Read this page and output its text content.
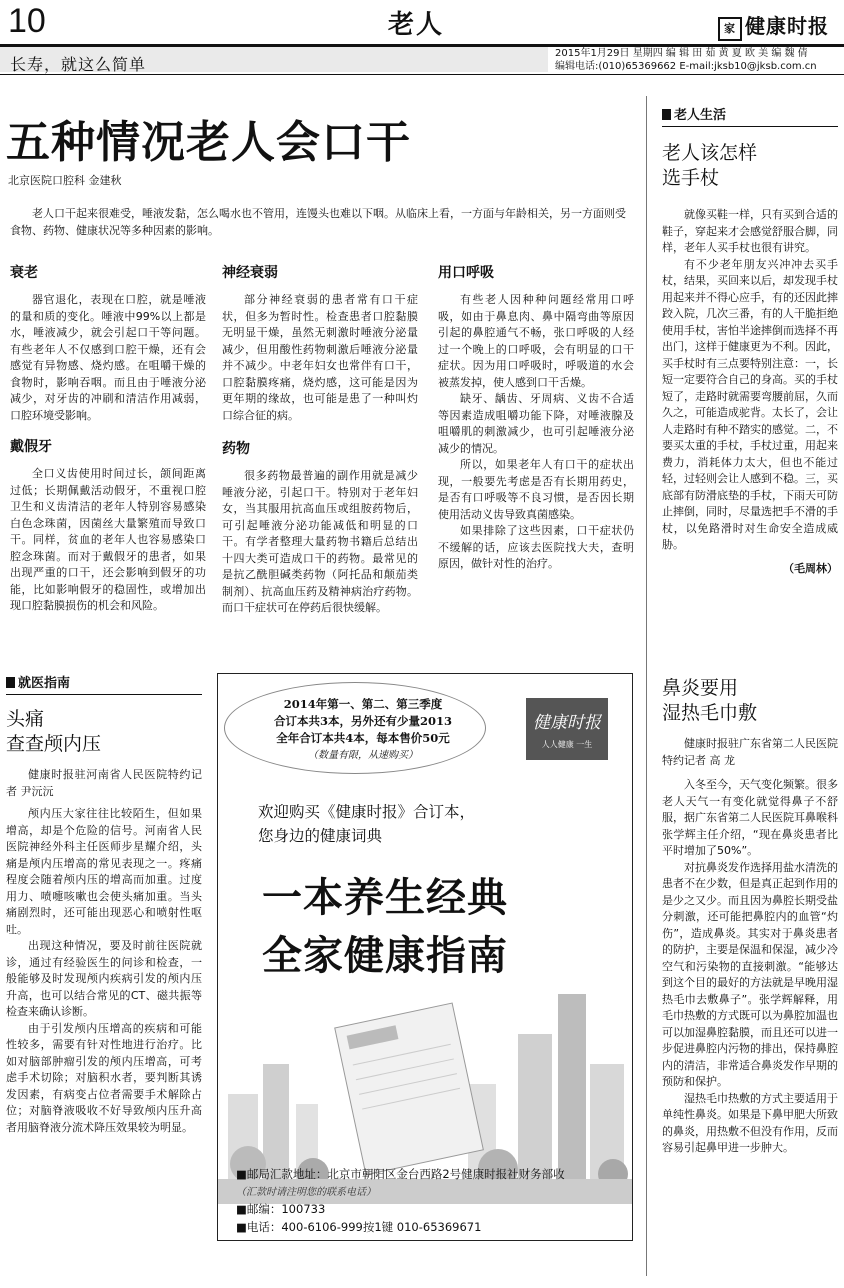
10	老人	家 健康时报
长寿，就这么简单
2015年1月29日 星期四 编 辑 田 茹 黄 夏 欧 美 编 魏 倩
编辑电话:(010)65369662 E-mail:jksb10@jksb.com.cn
五种情况老人会口干
北京医院口腔科 金建秋
老人口干起来很难受，唾液发黏，怎么喝水也不管用，连馒头也难以下咽。从临床上看，一方面与年龄相关，另一方面则受食物、药物、健康状况等多种因素的影响。
衰老
器官退化，表现在口腔，就是唾液的量和质的变化。唾液中99%以上都是水，唾液减少，就会引起口干等问题。有些老年人不仅感到口腔干燥，还有会感觉有异物感、烧灼感。在咀嚼干燥的食物时，影响吞咽。而且由于唾液分泌减少，对牙齿的冲刷和清洁作用减弱，口腔环境受影响。
戴假牙
全口义齿使用时间过长，颌间距离过低；长期佩戴活动假牙，不重视口腔卫生和义齿清洁的老年人特别容易感染白色念珠菌，因菌丝大量繁殖而导致口干。同样，贫血的老年人也容易感染口腔念珠菌。而对于戴假牙的患者，如果出现严重的口干，还会影响到假牙的功能，比如影响假牙的稳固性，或增加出现口腔黏膜损伤的机会和风险。
神经衰弱
部分神经衰弱的患者常有口干症状，但多为暂时性。检查患者口腔黏膜无明显干燥，虽然无刺激时唾液分泌量减少，但用酸性药物刺激后唾液分泌量并不减少。中老年妇女也常伴有口干，口腔黏膜疼痛，烧灼感，这可能是因为更年期的缘故，也可能是患了一种叫灼口综合征的病。
药物
很多药物最普遍的副作用就是减少唾液分泌，引起口干。特别对于老年妇女，当其服用抗高血压或组胺药物后，可引起唾液分泌功能减低和明显的口干。有学者整理大量药物书籍后总结出十四大类可造成口干的药物。最常见的是抗乙酰胆碱类药物（阿托品和颠茄类制剂）、抗高血压药及精神病治疗药物。而口干症状可在停药后很快缓解。
用口呼吸
有些老人因种种问题经常用口呼吸，如由于鼻息肉、鼻中隔弯曲等原因引起的鼻腔通气不畅，张口呼吸的人经过一个晚上的口呼吸，会有明显的口干症状。因为用口呼吸时，呼吸道的水会被蒸发掉，使人感到口干舌燥。
缺牙、龋齿、牙周病、义齿不合适等因素造成咀嚼功能下降，对唾液腺及咀嚼肌的刺激减少，也可引起唾液分泌减少的情况。
所以，如果老年人有口干的症状出现，一般要先考虑是否有长期用药史，是否有口呼吸等不良习惯，是否因长期使用活动义齿导致真菌感染。
如果排除了这些因素，口干症状仍不缓解的话，应该去医院找大夫，查明原因，做针对性的治疗。
老人生活
老人该怎样
选手杖
就像买鞋一样，只有买到合适的鞋子，穿起来才会感觉舒服合脚，同样，老年人买手杖也很有讲究。
有不少老年朋友兴冲冲去买手杖，结果，买回来以后，却发现手杖用起来并不得心应手，有的还因此摔跤入院，几次三番，有的人干脆拒绝使用手杖，害怕半途摔倒而选择不再出门，这样于健康更为不利。因此，买手杖时有三点要特别注意：一，长短一定要符合自己的身高。买的手杖短了，走路时就需要弯腰前屈，久而久之，可能造成驼背。太长了，会让人走路时有种不踏实的感觉。二，不要买太重的手杖，手杖过重，用起来费力，消耗体力太大，但也不能过轻，过轻则会让人感到不稳。三，买底部有防滑底垫的手杖，下雨天可防止摔倒，同时，尽量选把手不滑的手杖，以免路滑时对生命安全造成威胁。
（毛周林）
鼻炎要用
湿热毛巾敷
健康时报驻广东省第二人民医院特约记者 高 龙
入冬至今，天气变化频繁。很多老人天气一有变化就觉得鼻子不舒服，据广东省第二人民医院耳鼻喉科张学辉主任介绍，“现在鼻炎患者比平时增加了50%”。
对抗鼻炎发作选择用盐水清洗的患者不在少数，但是真正起到作用的是少之又少。而且因为鼻腔长期受盐分刺激，还可能把鼻腔内的血管“灼伤”，造成鼻炎。其实对于鼻炎患者的防护，主要是保温和保湿，减少冷空气和污染物的直接刺激。“能够达到这个目的最好的方法就是早晚用湿热毛巾去敷鼻子”。张学辉解释，用毛巾热敷的方式既可以为鼻腔加温也可以加湿鼻腔黏膜，而且还可以进一步促进鼻腔内污物的排出，保持鼻腔内的清洁，非常适合鼻炎发作早期的预防和保护。
湿热毛巾热敷的方式主要适用于单纯性鼻炎。如果是下鼻甲肥大所致的鼻炎，用热敷不但没有作用，反而容易引起鼻甲进一步肿大。
就医指南
头痛
查查颅内压
健康时报驻河南省人民医院特约记者 尹沅沅
颅内压大家往往比较陌生，但如果增高，却是个危险的信号。河南省人民医院神经外科主任医师步星耀介绍，头痛是颅内压增高的常见表现之一。疼痛程度会随着颅内压的增高而加重。过度用力、喷嚏咳嗽也会使头痛加重。当头痛剧烈时，还可能出现恶心和喷射性呕吐。
出现这种情况，要及时前往医院就诊，通过有经验医生的问诊和检查，一般能够及时发现颅内疾病引发的颅内压升高，也可以结合常见的CT、磁共振等检查来确认诊断。
由于引发颅内压增高的疾病和可能性较多，需要有针对性地进行治疗。比如对脑部肿瘤引发的颅内压增高，可考虑手术切除；对脑积水者，要判断其诱发因素，有病变占位者需要手术解除占位；对脑脊液吸收不好导致颅内压升高者用脑脊液分流术降压效果较为明显。
2014年第一、第二、第三季度
合订本共3本，另外还有少量2013
全年合订本共4本，每本售价50元
（数量有限，从速购买）
健康时报
人人健康 一生
欢迎购买《健康时报》合订本，
您身边的健康词典
一本养生经典
全家健康指南
■邮局汇款地址：北京市朝阳区金台西路2号健康时报社财务部收
（汇款时请注明您的联系电话）
■邮编：100733
■电话：400-6106-999按1键 010-65369671
